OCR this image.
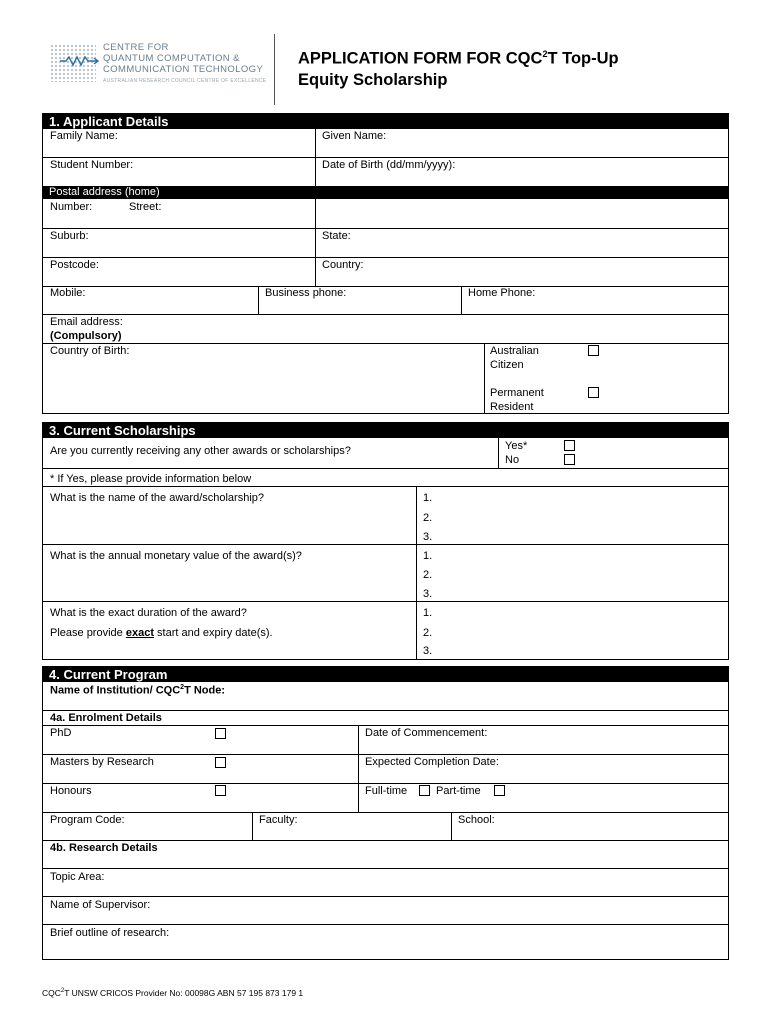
CENTRE FOR
QUANTUM COMPUTATION &
COMMUNICATION TECHNOLOGY
AUSTRALIAN RESEARCH COUNCIL CENTRE OF EXCELLENCE
APPLICATION FORM FOR CQC$^2$T Top-Up
Equity Scholarship
1. Applicant Details
Family Name:	Given Name:
Student Number:	Date of Birth (dd/mm/yyyy):
Postal address (home)
Number:	Street:
Suburb:	State:
Postcode:	Country:
Mobile:	Business phone:	Home Phone:
Email address:
(Compulsory)
Country of Birth:	Australian
Citizen
Permanent
Resident
3. Current Scholarships
Are you currently receiving any other awards or scholarships?	Yes*
No
* If Yes, please provide information below
What is the name of the award/scholarship?	1.
2.
3.
What is the annual monetary value of the award(s)?	1.
2.
3.
What is the exact duration of the award?
Please provide exact start and expiry date(s).
1.
2.
3.
4. Current Program
Name of Institution/ CQC$^2$T Node:
4a. Enrolment Details
PhD	Date of Commencement:
Masters by Research	Expected Completion Date:
Honours	Full-time	Part-time
Program Code:	Faculty:	School:
4b. Research Details
Topic Area:
Name of Supervisor:
Brief outline of research:
CQC$^2$T UNSW CRICOS Provider No: 00098G ABN 57 195 873 179 1
